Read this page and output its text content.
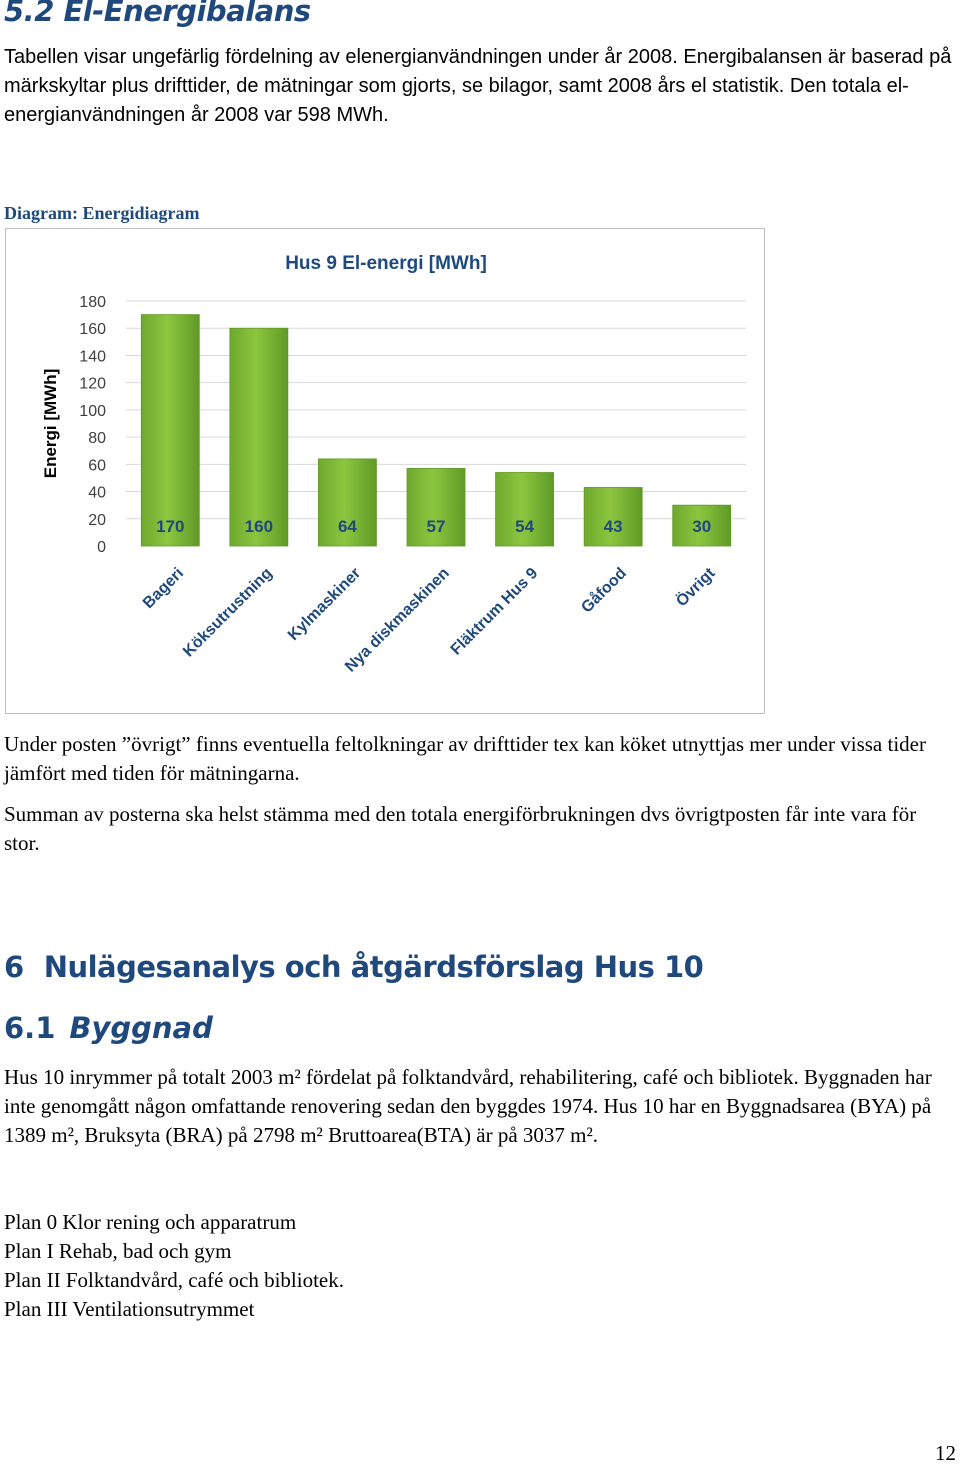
5.2 El-Energibalans

Tabellen visar ungefärlig fördelning av elenergianvändningen under år 2008. Energibalansen är baserad på märkskyltar plus drifttider, de mätningar som gjorts, se bilagor, samt 2008 års el statistik. Den totala el-energianvändningen år 2008 var 598 MWh.

Diagram: Energidiagram

Hus 9 El-energi [MWh]
Energi [MWh]
0
20
40
60
80
100
120
140
160
180
170
Bageri
160
Köksutrustning
64
Kylmaskiner
57
Nya diskmaskinen
54
Fläktrum Hus 9
43
Gåfood
30
Övrigt

Under posten ”övrigt” finns eventuella feltolkningar av drifttider tex kan köket utnyttjas mer under vissa tider jämfört med tiden för mätningarna.

Summan av posterna ska helst stämma med den totala energiförbrukningen dvs övrigtposten får inte vara för stor.

6 Nulägesanalys och åtgärdsförslag Hus 10
6.1 Byggnad

Hus 10 inrymmer på totalt 2003 m² fördelat på folktandvård, rehabilitering, café och bibliotek. Byggnaden har inte genomgått någon omfattande renovering sedan den byggdes 1974. Hus 10 har en Byggnadsarea (BYA) på 1389 m², Bruksyta (BRA) på 2798 m² Bruttoarea(BTA) är på 3037 m².

Plan 0 Klor rening och apparatrum

Plan I Rehab, bad och gym

Plan II Folktandvård, café och bibliotek.

Plan III Ventilationsutrymmet

12
